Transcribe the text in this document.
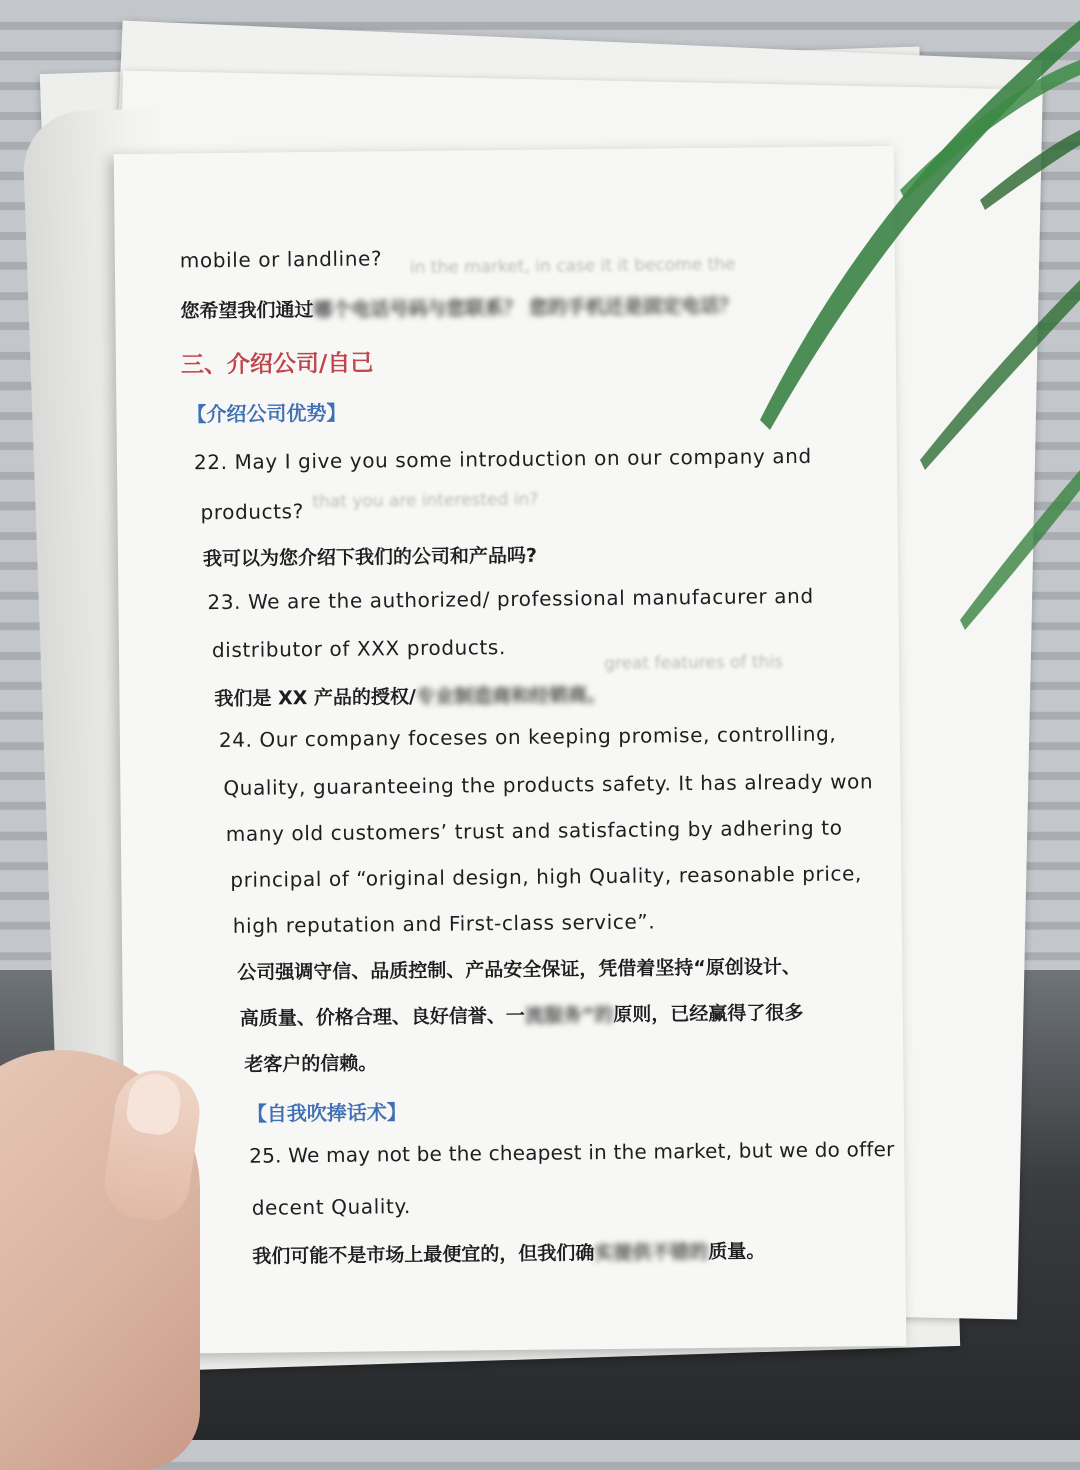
in the market, in case it it become the
that you are interested in?
great features of this
mobile or landline?
您希望我们通过哪个电话号码与您联系？ 您的手机还是固定电话？
三、介绍公司/自己
【介绍公司优势】
22. May I give you some introduction on our company and
products?
我可以为您介绍下我们的公司和产品吗?
23. We are the authorized/ professional manufacurer and
distributor of XXX products.
我们是 XX 产品的授权/专业制造商和经销商。
24. Our company foceses on keeping promise, controlling,
Quality, guaranteeing the products safety. It has already won
many old customers’ trust and satisfacting by adhering to
principal of “original design, high Quality, reasonable price,
high reputation and First-class service”.
公司强调守信、品质控制、产品安全保证，凭借着坚持“原创设计、
高质量、价格合理、良好信誉、一流服务”的原则，已经赢得了很多
老客户的信赖。
【自我吹捧话术】
25. We may not be the cheapest in the market, but we do offer
decent Quality.
我们可能不是市场上最便宜的，但我们确实提供不错的质量。
